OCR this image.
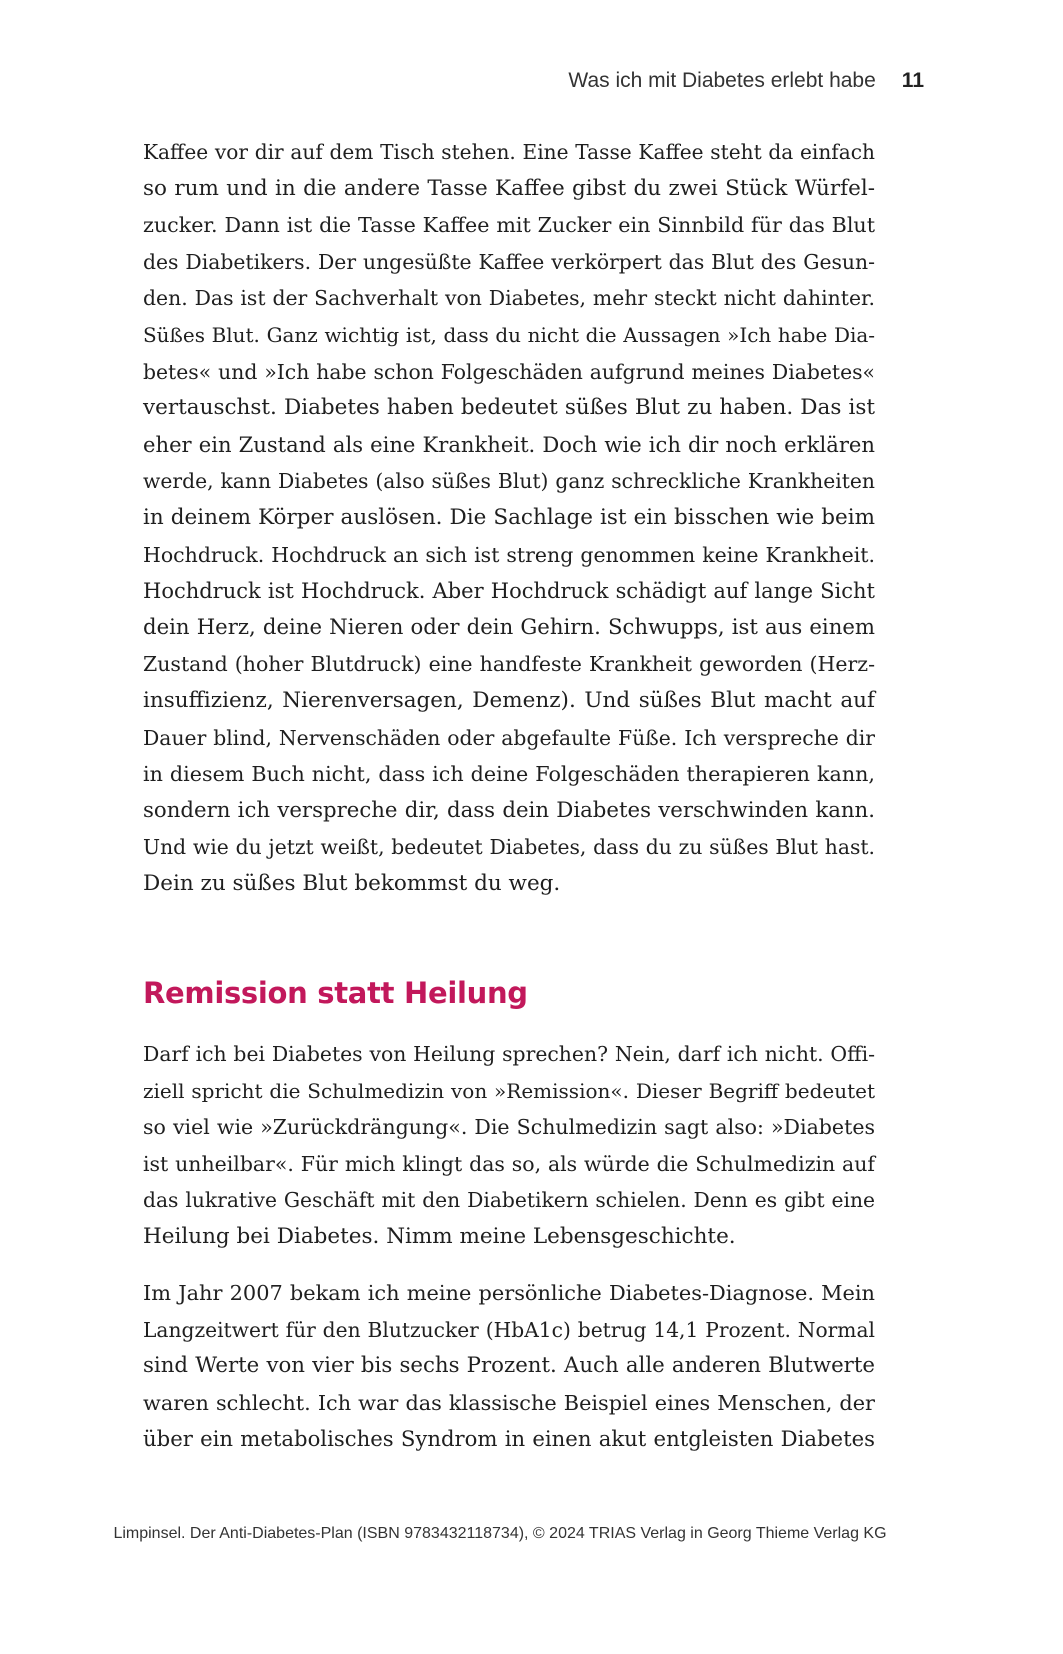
Was ich mit Diabetes erlebt habe 11

Kaffee vor dir auf dem Tisch stehen. Eine Tasse Kaffee steht da einfach
so rum und in die andere Tasse Kaffee gibst du zwei Stück Würfel-
zucker. Dann ist die Tasse Kaffee mit Zucker ein Sinnbild für das Blut
des Diabetikers. Der ungesüßte Kaffee verkörpert das Blut des Gesun-
den. Das ist der Sachverhalt von Diabetes, mehr steckt nicht dahinter.
Süßes Blut. Ganz wichtig ist, dass du nicht die Aussagen »Ich habe Dia-
betes« und »Ich habe schon Folgeschäden aufgrund meines Diabetes«
vertauschst. Diabetes haben bedeutet süßes Blut zu haben. Das ist
eher ein Zustand als eine Krankheit. Doch wie ich dir noch erklären
werde, kann Diabetes (also süßes Blut) ganz schreckliche Krankheiten
in deinem Körper auslösen. Die Sachlage ist ein bisschen wie beim
Hochdruck. Hochdruck an sich ist streng genommen keine Krankheit.
Hochdruck ist Hochdruck. Aber Hochdruck schädigt auf lange Sicht
dein Herz, deine Nieren oder dein Gehirn. Schwupps, ist aus einem
Zustand (hoher Blutdruck) eine handfeste Krankheit geworden (Herz-
insuffizienz, Nierenversagen, Demenz). Und süßes Blut macht auf
Dauer blind, Nervenschäden oder abgefaulte Füße. Ich verspreche dir
in diesem Buch nicht, dass ich deine Folgeschäden therapieren kann,
sondern ich verspreche dir, dass dein Diabetes verschwinden kann.
Und wie du jetzt weißt, bedeutet Diabetes, dass du zu süßes Blut hast.
Dein zu süßes Blut bekommst du weg.

Remission statt Heilung

Darf ich bei Diabetes von Heilung sprechen? Nein, darf ich nicht. Offi-
ziell spricht die Schulmedizin von »Remission«. Dieser Begriff bedeutet
so viel wie »Zurückdrängung«. Die Schulmedizin sagt also: »Diabetes
ist unheilbar«. Für mich klingt das so, als würde die Schulmedizin auf
das lukrative Geschäft mit den Diabetikern schielen. Denn es gibt eine
Heilung bei Diabetes. Nimm meine Lebensgeschichte.

Im Jahr 2007 bekam ich meine persönliche Diabetes-Diagnose. Mein
Langzeitwert für den Blutzucker (HbA1c) betrug 14,1 Prozent. Normal
sind Werte von vier bis sechs Prozent. Auch alle anderen Blutwerte
waren schlecht. Ich war das klassische Beispiel eines Menschen, der
über ein metabolisches Syndrom in einen akut entgleisten Diabetes

Limpinsel. Der Anti-Diabetes-Plan (ISBN 9783432118734), © 2024 TRIAS Verlag in Georg Thieme Verlag KG
